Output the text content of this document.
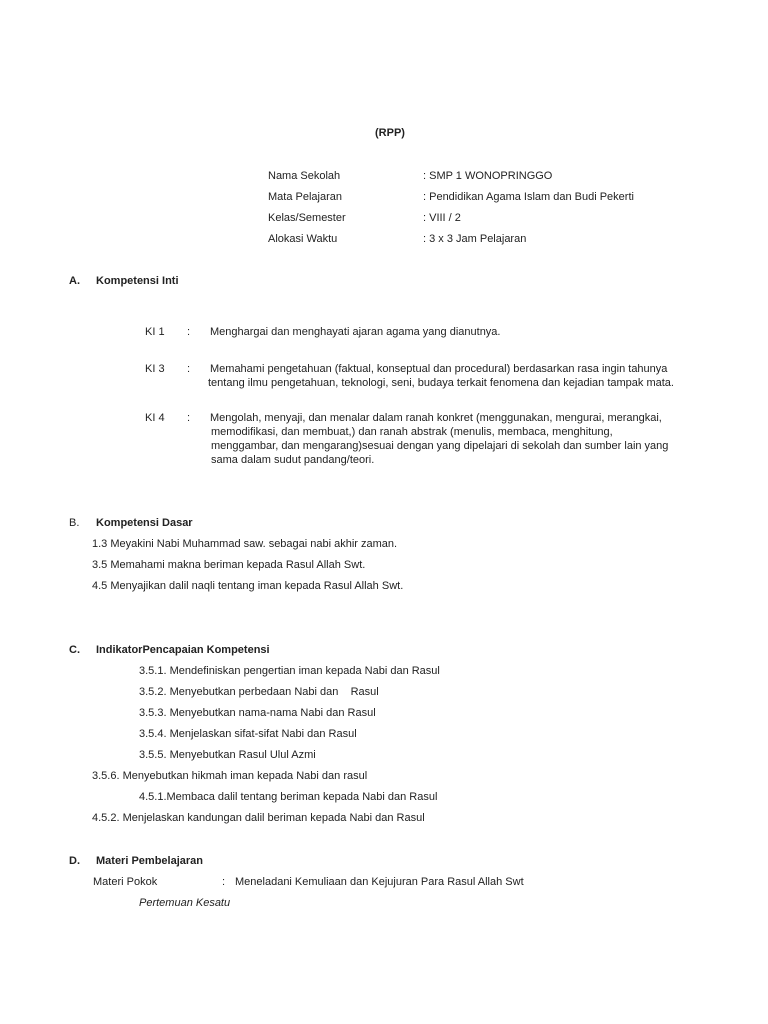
(RPP)
Nama Sekolah	: SMP 1 WONOPRINGGO
Mata Pelajaran	: Pendidikan Agama Islam dan Budi Pekerti
Kelas/Semester	: VIII / 2
Alokasi Waktu	: 3 x 3 Jam Pelajaran
A. Kompetensi Inti
KI 1 : Menghargai dan menghayati ajaran agama yang dianutnya.
KI 3 : Memahami pengetahuan (faktual, konseptual dan procedural) berdasarkan rasa ingin tahunya
tentang ilmu pengetahuan, teknologi, seni, budaya terkait fenomena dan kejadian tampak mata.
KI 4 : Mengolah, menyaji, dan menalar dalam ranah konkret (menggunakan, mengurai, merangkai,
memodifikasi, dan membuat,) dan ranah abstrak (menulis, membaca, menghitung,
menggambar, dan mengarang)sesuai dengan yang dipelajari di sekolah dan sumber lain yang
sama dalam sudut pandang/teori.
B. Kompetensi Dasar
1.3 Meyakini Nabi Muhammad saw. sebagai nabi akhir zaman.
3.5 Memahami makna beriman kepada Rasul Allah Swt.
4.5 Menyajikan dalil naqli tentang iman kepada Rasul Allah Swt.
C. IndikatorPencapaian Kompetensi
3.5.1. Mendefiniskan pengertian iman kepada Nabi dan Rasul
3.5.2. Menyebutkan perbedaan Nabi dan    Rasul
3.5.3. Menyebutkan nama-nama Nabi dan Rasul
3.5.4. Menjelaskan sifat-sifat Nabi dan Rasul
3.5.5. Menyebutkan Rasul Ulul Azmi
3.5.6. Menyebutkan hikmah iman kepada Nabi dan rasul
4.5.1.Membaca dalil tentang beriman kepada Nabi dan Rasul
4.5.2. Menjelaskan kandungan dalil beriman kepada Nabi dan Rasul
D. Materi Pembelajaran
Materi Pokok	: Meneladani Kemuliaan dan Kejujuran Para Rasul Allah Swt
Pertemuan Kesatu
